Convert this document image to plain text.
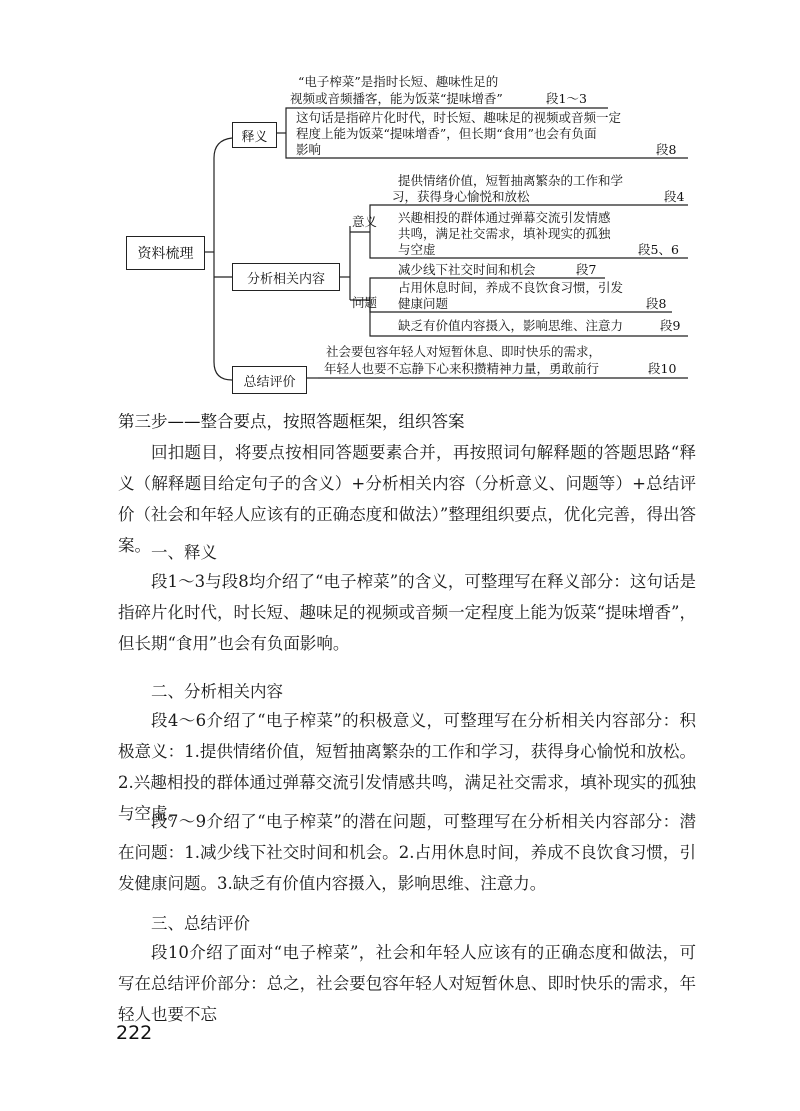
资料梳理
释义
分析相关内容
总结评价
“电子榨菜”是指时长短、趣味性足的
视频或音频播客，能为饭菜“提味增香”	段1～3
这句话是指碎片化时代，时长短、趣味足的视频或音频一定
程度上能为饭菜“提味增香”，但长期“食用”也会有负面
影响	段8
意义
提供情绪价值，短暂抽离繁杂的工作和学
习，获得身心愉悦和放松	段4
兴趣相投的群体通过弹幕交流引发情感
共鸣，满足社交需求，填补现实的孤独
与空虚	段5、6
问题
减少线下社交时间和机会	段7
占用休息时间，养成不良饮食习惯，引发
健康问题	段8
缺乏有价值内容摄入，影响思维、注意力	段9
社会要包容年轻人对短暂休息、即时快乐的需求，
年轻人也要不忘静下心来积攒精神力量，勇敢前行	段10
第三步——整合要点，按照答题框架，组织答案
回扣题目，将要点按相同答题要素合并，再按照词句解释题的答题思路“释义（解释题目给定句子的含义）+分析相关内容（分析意义、问题等）+总结评价（社会和年轻人应该有的正确态度和做法）”整理组织要点，优化完善，得出答案。 一、释义
段1～3与段8均介绍了“电子榨菜”的含义，可整理写在释义部分：这句话是指碎片化时代，时长短、趣味足的视频或音频一定程度上能为饭菜“提味增香”，但长期“食用”也会有负面影响。
二、分析相关内容
段4～6介绍了“电子榨菜”的积极意义，可整理写在分析相关内容部分：积极意义：1.提供情绪价值，短暂抽离繁杂的工作和学习，获得身心愉悦和放松。2.兴趣相投的群体通过弹幕交流引发情感共鸣，满足社交需求，填补现实的孤独与空虚。
段7～9介绍了“电子榨菜”的潜在问题，可整理写在分析相关内容部分：潜在问题：1.减少线下社交时间和机会。2.占用休息时间，养成不良饮食习惯，引发健康问题。3.缺乏有价值内容摄入，影响思维、注意力。
三、总结评价
段10介绍了面对“电子榨菜”，社会和年轻人应该有的正确态度和做法，可写在总结评价部分：总之，社会要包容年轻人对短暂休息、即时快乐的需求，年轻人也要不忘
222
